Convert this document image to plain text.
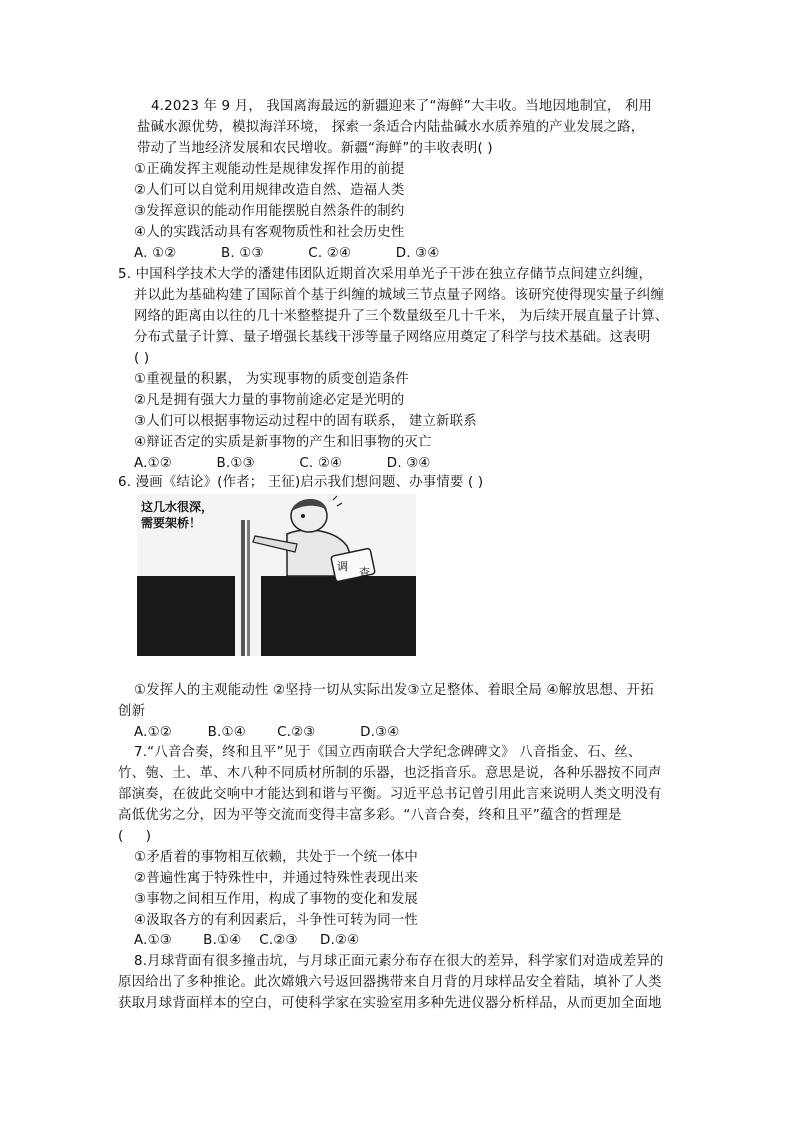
4.2023 年 9 月， 我国离海最远的新疆迎来了“海鲜”大丰收。当地因地制宜， 利用
盐碱水源优势，模拟海洋环境， 探索一条适合内陆盐碱水水质养殖的产业发展之路，
带动了当地经济发展和农民增收。新疆“海鲜”的丰收表明( )
①正确发挥主观能动性是规律发挥作用的前提
②人们可以自觉利用规律改造自然、造福人类
③发挥意识的能动作用能摆脱自然条件的制约
④人的实践活动具有客观物质性和社会历史性
A. ①②          B. ①③          C. ②④          D. ③④
5. 中国科学技术大学的潘建伟团队近期首次采用单光子干涉在独立存储节点间建立纠缠，
并以此为基础构建了国际首个基于纠缠的城域三节点量子网络。该研究使得现实量子纠缠
网络的距离由以往的几十米整整提升了三个数量级至几十千米， 为后续开展直量子计算、
分布式量子计算、量子增强长基线干涉等量子网络应用奠定了科学与技术基础。这表明
( )
①重视量的积累， 为实现事物的质变创造条件
②凡是拥有强大力量的事物前途必定是光明的
③人们可以根据事物运动过程中的固有联系， 建立新联系
④辩证否定的实质是新事物的产生和旧事物的灭亡
A.①②          B.①③          C. ②④          D. ③④
6. 漫画《结论》(作者； 王征)启示我们想问题、办事情要 ( )
调 查
这几水很深，
需要架桥！
①发挥人的主观能动性 ②坚持一切从实际出发③立足整体、着眼全局 ④解放思想、开拓
创新
A.①②        B.①④       C.②③          D.③④
7.“八音合奏，终和且平”见于《国立西南联合大学纪念碑碑文》 八音指金、石、丝、
竹、匏、土、革、木八种不同质材所制的乐器，也泛指音乐。意思是说，各种乐器按不同声
部演奏，在彼此交响中才能达到和谐与平衡。习近平总书记曾引用此言来说明人类文明没有
高低优劣之分，因为平等交流而变得丰富多彩。“八音合奏，终和且平”蕴含的哲理是
(     )
①矛盾着的事物相互依赖，共处于一个统一体中
②普遍性寓于特殊性中，并通过特殊性表现出来
③事物之间相互作用，构成了事物的变化和发展
④汲取各方的有利因素后，斗争性可转为同一性
A.①③       B.①④    C.②③     D.②④
8.月球背面有很多撞击坑，与月球正面元素分布存在很大的差异，科学家们对造成差异的
原因给出了多种推论。此次嫦娥六号返回器携带来自月背的月球样品安全着陆，填补了人类
获取月球背面样本的空白，可使科学家在实验室用多种先进仪器分析样品，从而更加全面地
